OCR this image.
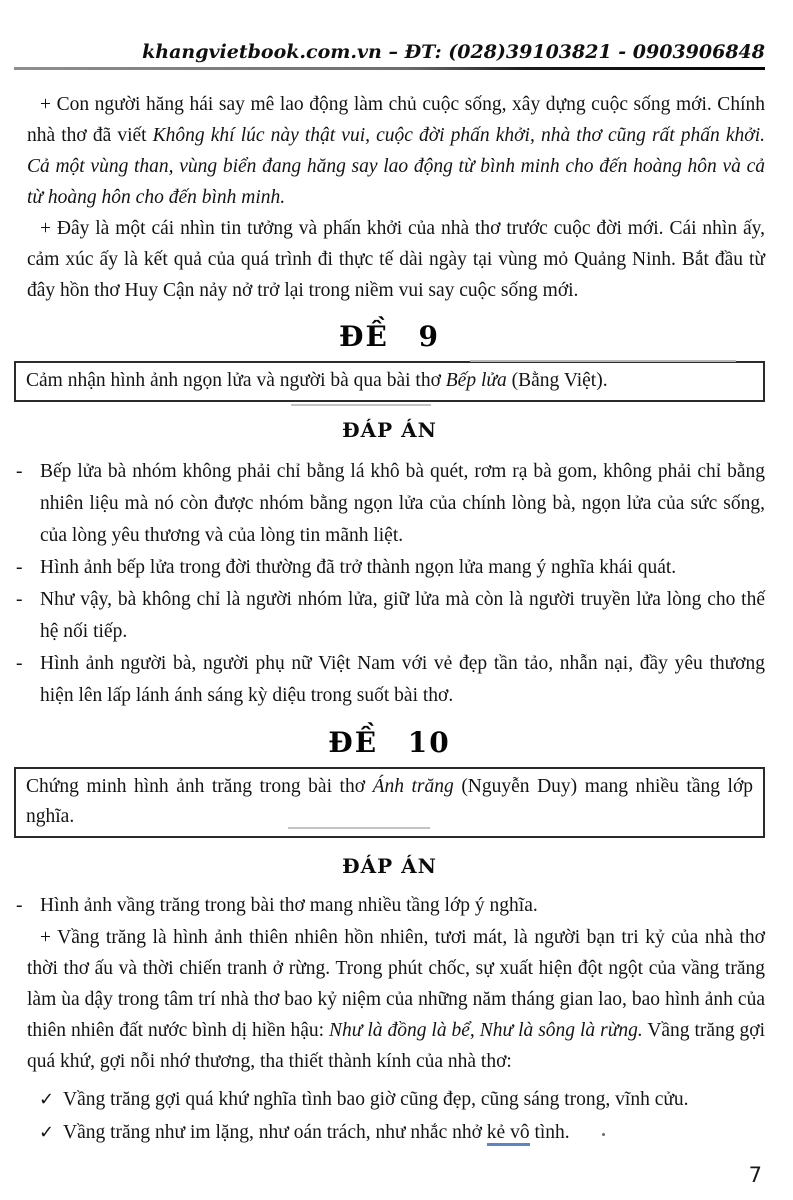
khangvietbook.com.vn – ĐT: (028)39103821 - 0903906848

+ Con người hăng hái say mê lao động làm chủ cuộc sống, xây dựng cuộc sống mới. Chính nhà thơ đã viết Không khí lúc này thật vui, cuộc đời phấn khởi, nhà thơ cũng rất phấn khởi. Cả một vùng than, vùng biển đang hăng say lao động từ bình minh cho đến hoàng hôn và cả từ hoàng hôn cho đến bình minh.

+ Đây là một cái nhìn tin tưởng và phấn khởi của nhà thơ trước cuộc đời mới. Cái nhìn ấy, cảm xúc ấy là kết quả của quá trình đi thực tế dài ngày tại vùng mỏ Quảng Ninh. Bắt đầu từ đây hồn thơ Huy Cận nảy nở trở lại trong niềm vui say cuộc sống mới.

ĐỀ 9
Cảm nhận hình ảnh ngọn lửa và người bà qua bài thơ Bếp lửa (Bằng Việt).
ĐÁP ÁN
- Bếp lửa bà nhóm không phải chỉ bằng lá khô bà quét, rơm rạ bà gom, không phải chỉ bằng nhiên liệu mà nó còn được nhóm bằng ngọn lửa của chính lòng bà, ngọn lửa của sức sống, của lòng yêu thương và của lòng tin mãnh liệt.
- Hình ảnh bếp lửa trong đời thường đã trở thành ngọn lửa mang ý nghĩa khái quát.
- Như vậy, bà không chỉ là người nhóm lửa, giữ lửa mà còn là người truyền lửa lòng cho thế hệ nối tiếp.
- Hình ảnh người bà, người phụ nữ Việt Nam với vẻ đẹp tần tảo, nhẫn nại, đầy yêu thương hiện lên lấp lánh ánh sáng kỳ diệu trong suốt bài thơ.
ĐỀ 10
Chứng minh hình ảnh trăng trong bài thơ Ánh trăng (Nguyễn Duy) mang nhiều tầng lớp nghĩa.
ĐÁP ÁN
- Hình ảnh vầng trăng trong bài thơ mang nhiều tầng lớp ý nghĩa.

+ Vầng trăng là hình ảnh thiên nhiên hồn nhiên, tươi mát, là người bạn tri kỷ của nhà thơ thời thơ ấu và thời chiến tranh ở rừng. Trong phút chốc, sự xuất hiện đột ngột của vầng trăng làm ùa dậy trong tâm trí nhà thơ bao kỷ niệm của những năm tháng gian lao, bao hình ảnh của thiên nhiên đất nước bình dị hiền hậu: Như là đồng là bể, Như là sông là rừng. Vầng trăng gợi quá khứ, gợi nỗi nhớ thương, tha thiết thành kính của nhà thơ:

✓ Vầng trăng gợi quá khứ nghĩa tình bao giờ cũng đẹp, cũng sáng trong, vĩnh cửu.
✓ Vầng trăng như im lặng, như oán trách, như nhắc nhở kẻ vô tình.
7
